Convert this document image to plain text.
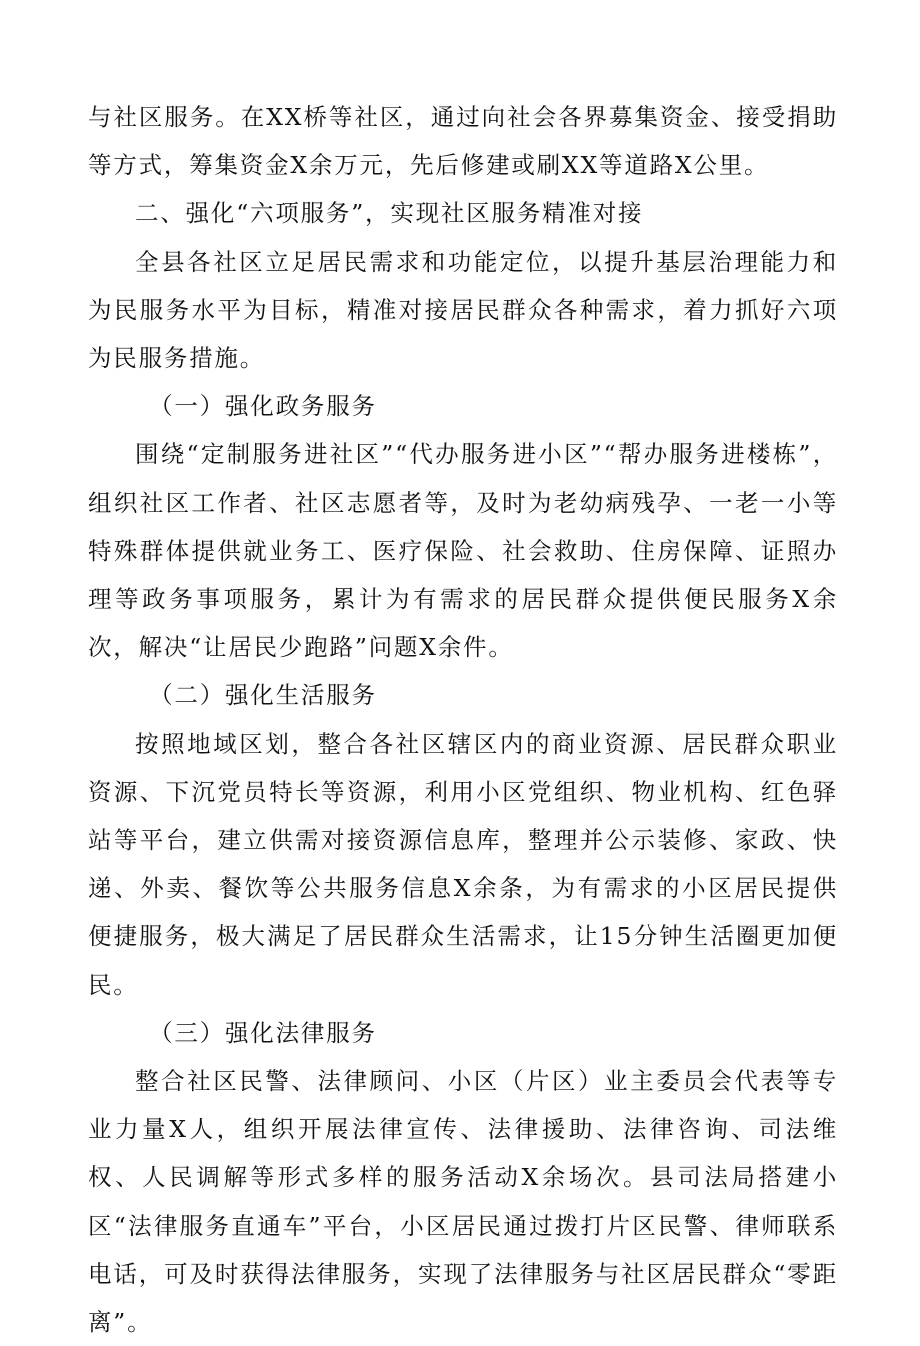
与社区服务。在XX桥等社区，通过向社会各界募集资金、接受捐助等方式，筹集资金X余万元，先后修建或刷XX等道路X公里。

二、强化“六项服务”，实现社区服务精准对接

全县各社区立足居民需求和功能定位，以提升基层治理能力和为民服务水平为目标，精准对接居民群众各种需求，着力抓好六项为民服务措施。

（一）强化政务服务

围绕“定制服务进社区”“代办服务进小区”“帮办服务进楼栋”，组织社区工作者、社区志愿者等，及时为老幼病残孕、一老一小等特殊群体提供就业务工、医疗保险、社会救助、住房保障、证照办理等政务事项服务，累计为有需求的居民群众提供便民服务X余次，解决“让居民少跑路”问题X余件。

（二）强化生活服务

按照地域区划，整合各社区辖区内的商业资源、居民群众职业资源、下沉党员特长等资源，利用小区党组织、物业机构、红色驿站等平台，建立供需对接资源信息库，整理并公示装修、家政、快递、外卖、餐饮等公共服务信息X余条，为有需求的小区居民提供便捷服务，极大满足了居民群众生活需求，让15分钟生活圈更加便民。

（三）强化法律服务

整合社区民警、法律顾问、小区（片区）业主委员会代表等专业力量X人，组织开展法律宣传、法律援助、法律咨询、司法维权、人民调解等形式多样的服务活动X余场次。县司法局搭建小区“法律服务直通车”平台，小区居民通过拨打片区民警、律师联系电话，可及时获得法律服务，实现了法律服务与社区居民群众“零距离”。
